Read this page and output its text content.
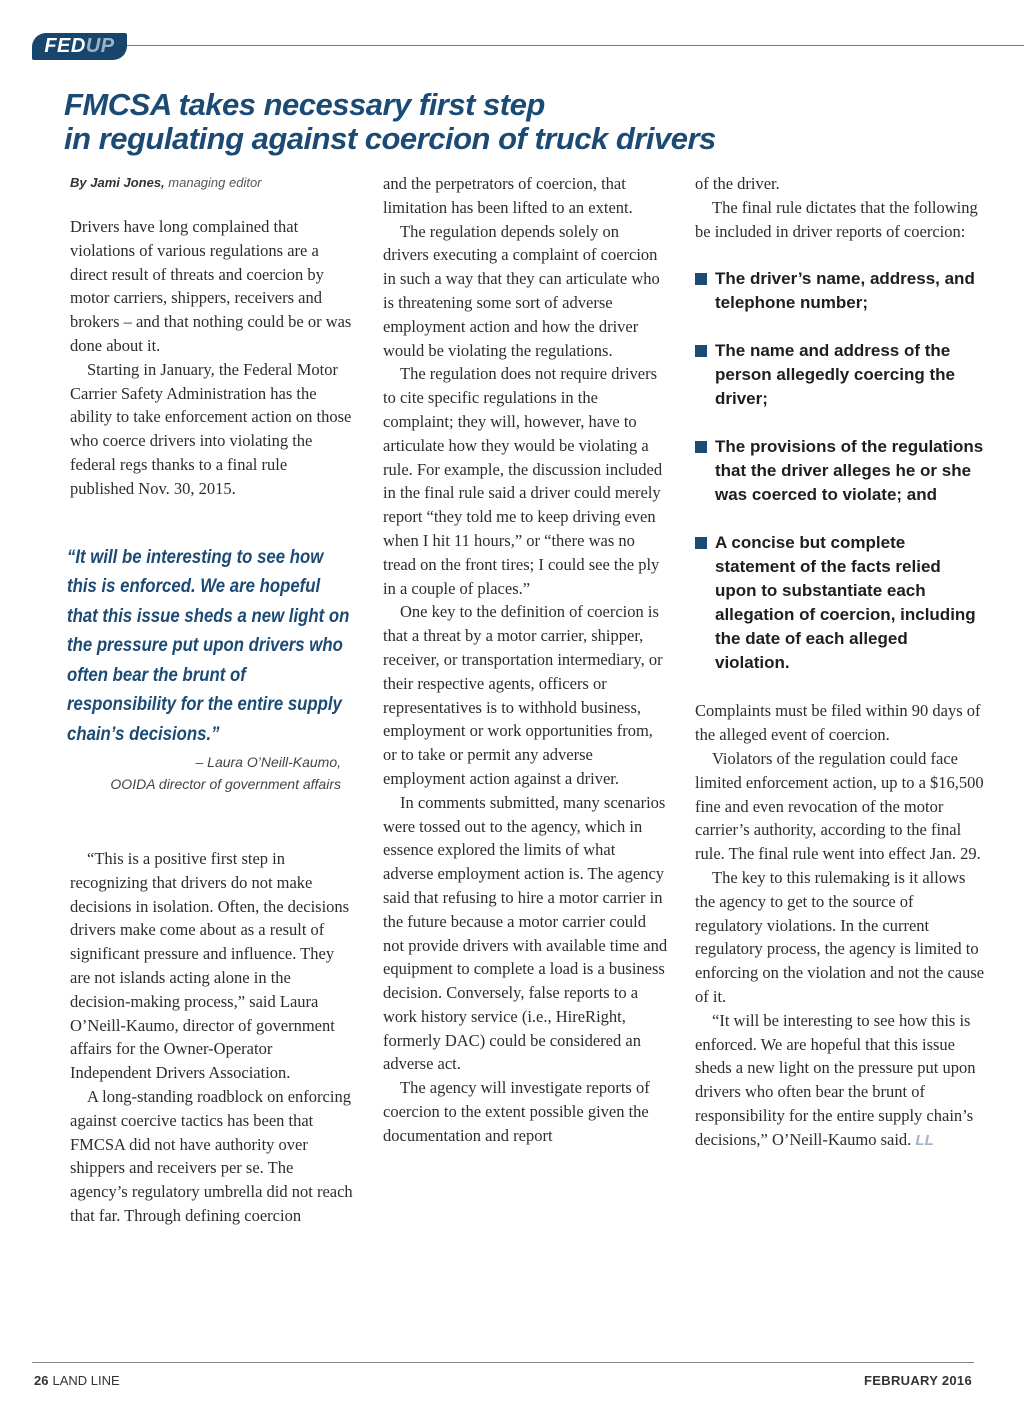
FEDUP
FMCSA takes necessary first step
in regulating against coercion of truck drivers

By Jami Jones, managing editor

Drivers have long complained that violations of various regulations are a direct result of threats and coercion by motor carriers, shippers, receivers and brokers – and that nothing could be or was done about it.

Starting in January, the Federal Motor Carrier Safety Administration has the ability to take enforcement action on those who coerce drivers into violating the federal regs thanks to a final rule published Nov. 30, 2015.

“It will be interesting to see how this is enforced. We are hopeful that this issue sheds a new light on the pressure put upon drivers who often bear the brunt of responsibility for the entire supply chain’s decisions.”

– Laura O’Neill-Kaumo,
OOIDA director of government affairs

“This is a positive first step in recognizing that drivers do not make decisions in isolation. Often, the decisions drivers make come about as a result of significant pressure and influence. They are not islands acting alone in the decision-making process,” said Laura O’Neill-Kaumo, director of government affairs for the Owner-Operator Independent Drivers Association.

A long-standing roadblock on enforcing against coercive tactics has been that FMCSA did not have authority over shippers and receivers per se. The agency’s regulatory umbrella did not reach that far. Through defining coercion

and the perpetrators of coercion, that limitation has been lifted to an extent.

The regulation depends solely on drivers executing a complaint of coercion in such a way that they can articulate who is threatening some sort of adverse employment action and how the driver would be violating the regulations.

The regulation does not require drivers to cite specific regulations in the complaint; they will, however, have to articulate how they would be violating a rule. For example, the discussion included in the final rule said a driver could merely report “they told me to keep driving even when I hit 11 hours,” or “there was no tread on the front tires; I could see the ply in a couple of places.”

One key to the definition of coercion is that a threat by a motor carrier, shipper, receiver, or transportation intermediary, or their respective agents, officers or representatives is to withhold business, employment or work opportunities from, or to take or permit any adverse employment action against a driver.

In comments submitted, many scenarios were tossed out to the agency, which in essence explored the limits of what adverse employment action is. The agency said that refusing to hire a motor carrier in the future because a motor carrier could not provide drivers with available time and equipment to complete a load is a business decision. Conversely, false reports to a work history service (i.e., HireRight, formerly DAC) could be considered an adverse act.

The agency will investigate reports of coercion to the extent possible given the documentation and report

of the driver.

The final rule dictates that the following be included in driver reports of coercion:

The driver’s name, address, and telephone number;

The name and address of the person allegedly coercing the driver;

The provisions of the regulations that the driver alleges he or she was coerced to violate; and

A concise but complete statement of the facts relied upon to substantiate each allegation of coercion, including the date of each alleged violation.

Complaints must be filed within 90 days of the alleged event of coercion.

Violators of the regulation could face limited enforcement action, up to a $16,500 fine and even revocation of the motor carrier’s authority, according to the final rule. The final rule went into effect Jan. 29.

The key to this rulemaking is it allows the agency to get to the source of regulatory violations. In the current regulatory process, the agency is limited to enforcing on the violation and not the cause of it.

“It will be interesting to see how this is enforced. We are hopeful that this issue sheds a new light on the pressure put upon drivers who often bear the brunt of responsibility for the entire supply chain’s decisions,” O’Neill-Kaumo said. LL

26 LAND LINE	FEBRUARY 2016
